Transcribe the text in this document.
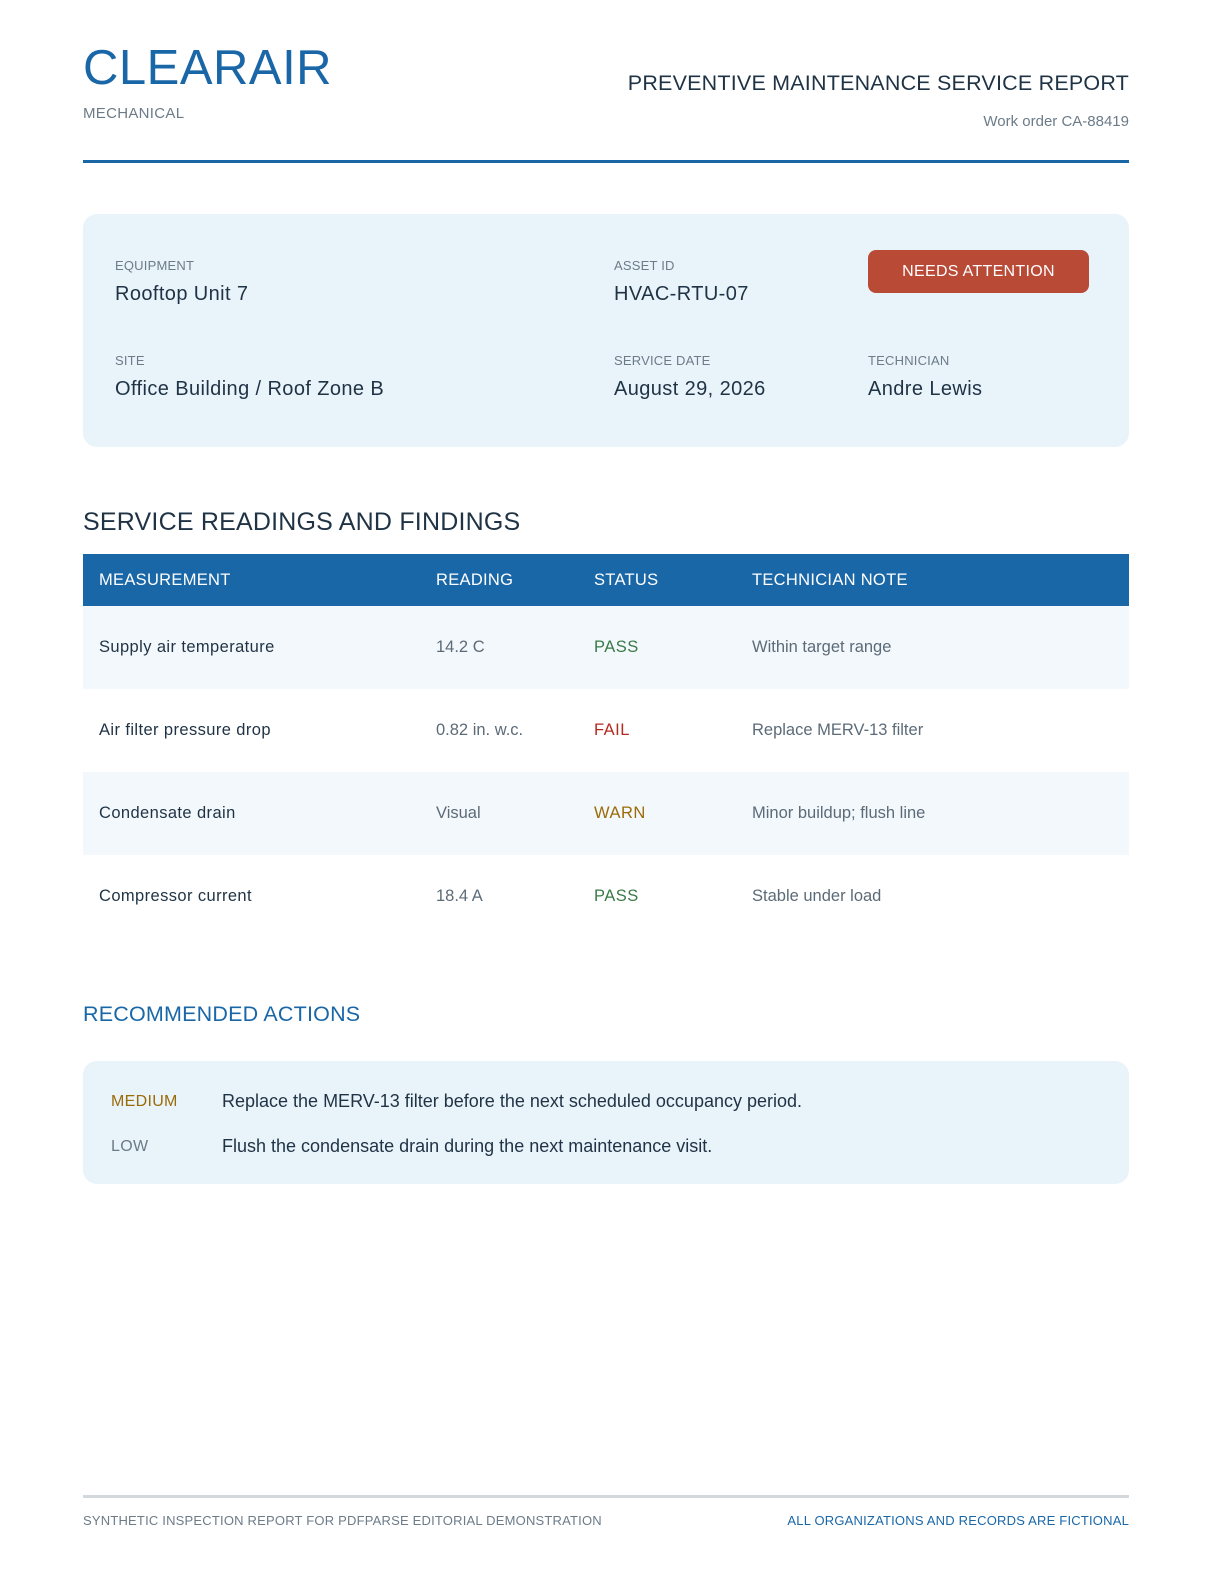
CLEARAIR
MECHANICAL
PREVENTIVE MAINTENANCE SERVICE REPORT
Work order CA-88419
EQUIPMENT
Rooftop Unit 7
ASSET ID
HVAC-RTU-07
NEEDS ATTENTION
SITE
Office Building / Roof Zone B
SERVICE DATE
August 29, 2026
TECHNICIAN
Andre Lewis
SERVICE READINGS AND FINDINGS
MEASUREMENT	READING	STATUS	TECHNICIAN NOTE
Supply air temperature	14.2 C	PASS	Within target range
Air filter pressure drop	0.82 in. w.c.	FAIL	Replace MERV-13 filter
Condensate drain	Visual	WARN	Minor buildup; flush line
Compressor current	18.4 A	PASS	Stable under load
RECOMMENDED ACTIONS
MEDIUM Replace the MERV-13 filter before the next scheduled occupancy period.
LOW	Flush the condensate drain during the next maintenance visit.
SYNTHETIC INSPECTION REPORT FOR PDFPARSE EDITORIAL DEMONSTRATION	ALL ORGANIZATIONS AND RECORDS ARE FICTIONAL
